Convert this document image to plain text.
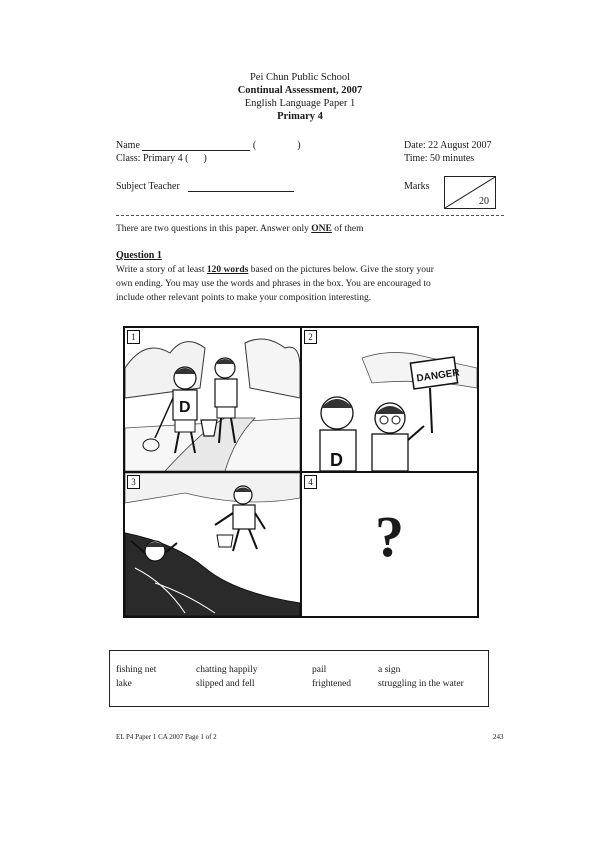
Pei Chun Public School
Continual Assessment, 2007
English Language Paper 1
Primary 4
Name	(	)	Date: 22 August 2007
Class: Primary 4 ( )	Time: 50 minutes
Subject Teacher	Marks
20
There are two questions in this paper. Answer only ONE of them
Question 1
Write a story of at least 120 words based on the pictures below. Give the story your
own ending. You may use the words and phrases in the box. You are encouraged to
include other relevant points to make your composition interesting.
1
D
2
DANGER
D
3	4
?
fishing net	chatting happily	pail	a sign
lake	slipped and fell	frightened	struggling in the water
EL P4 Paper 1 CA 2007 Page 1 of 2	243
